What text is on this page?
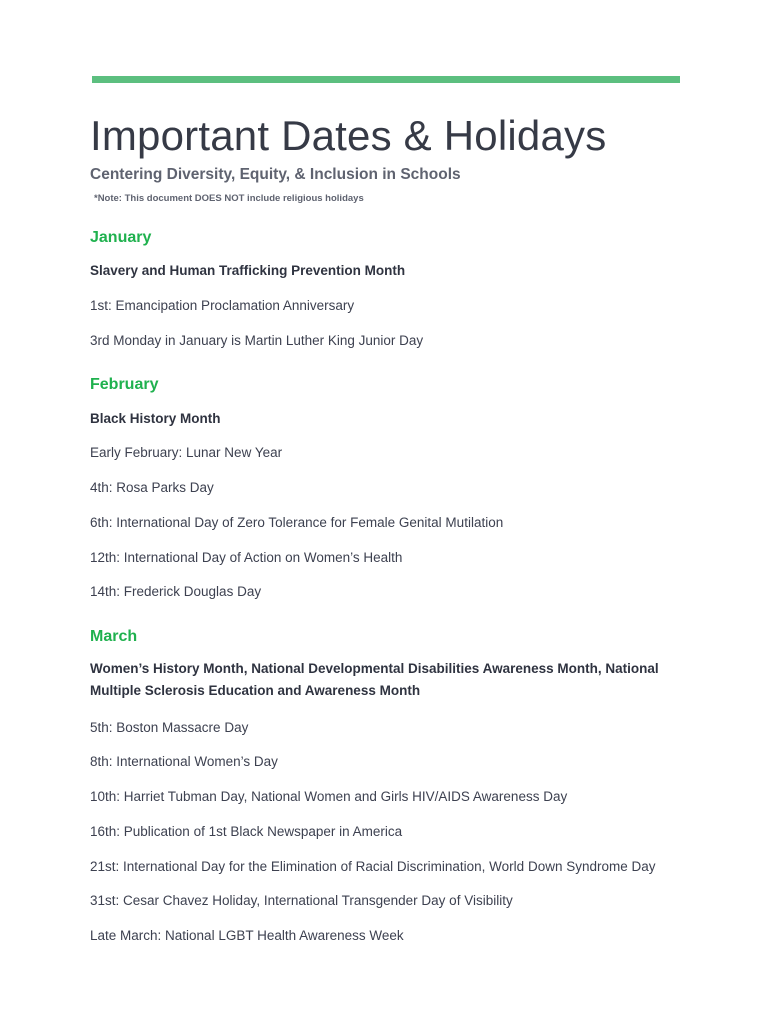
Important Dates & Holidays
Centering Diversity, Equity, & Inclusion in Schools

*Note: This document DOES NOT include religious holidays

January

Slavery and Human Trafficking Prevention Month

1st: Emancipation Proclamation Anniversary

3rd Monday in January is Martin Luther King Junior Day

February

Black History Month

Early February: Lunar New Year

4th: Rosa Parks Day

6th: International Day of Zero Tolerance for Female Genital Mutilation

12th: International Day of Action on Women’s Health

14th: Frederick Douglas Day

March

Women’s History Month, National Developmental Disabilities Awareness Month, National Multiple Sclerosis Education and Awareness Month

5th: Boston Massacre Day

8th: International Women’s Day

10th: Harriet Tubman Day, National Women and Girls HIV/AIDS Awareness Day

16th: Publication of 1st Black Newspaper in America

21st: International Day for the Elimination of Racial Discrimination, World Down Syndrome Day

31st: Cesar Chavez Holiday, International Transgender Day of Visibility

Late March: National LGBT Health Awareness Week
